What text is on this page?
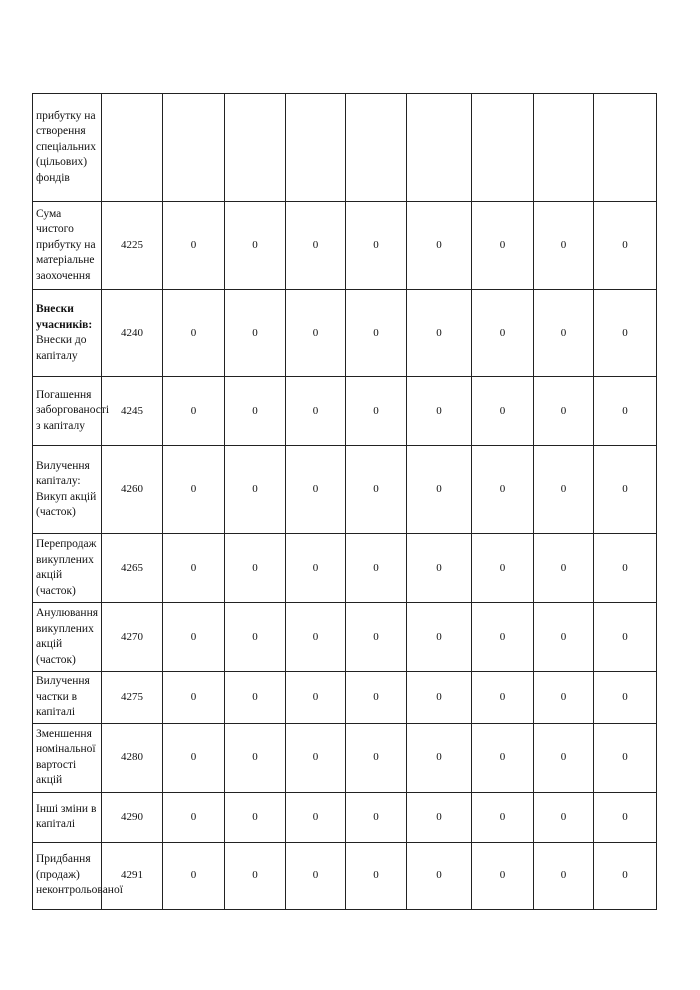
прибутку на створення спеціальних (цільових) фондів									

Сума чистого прибутку на матеріальне заохочення	4225	0	0	0	0	0	0	0	0

Внески учасників:
Внески до капіталу	4240	0	0	0	0	0	0	0	0

Погашення заборгованості з капіталу	4245	0	0	0	0	0	0	0	0

Вилучення капіталу: Викуп акцій (часток)	4260	0	0	0	0	0	0	0	0

Перепродаж викуплених акцій (часток)	4265	0	0	0	0	0	0	0	0

Анулювання викуплених акцій (часток)	4270	0	0	0	0	0	0	0	0

Вилучення частки в капіталі	4275	0	0	0	0	0	0	0	0

Зменшення номінальної вартості акцій	4280	0	0	0	0	0	0	0	0

Інші зміни в капіталі	4290	0	0	0	0	0	0	0	0

Придбання (продаж) неконтрольованої	4291	0	0	0	0	0	0	0	0
